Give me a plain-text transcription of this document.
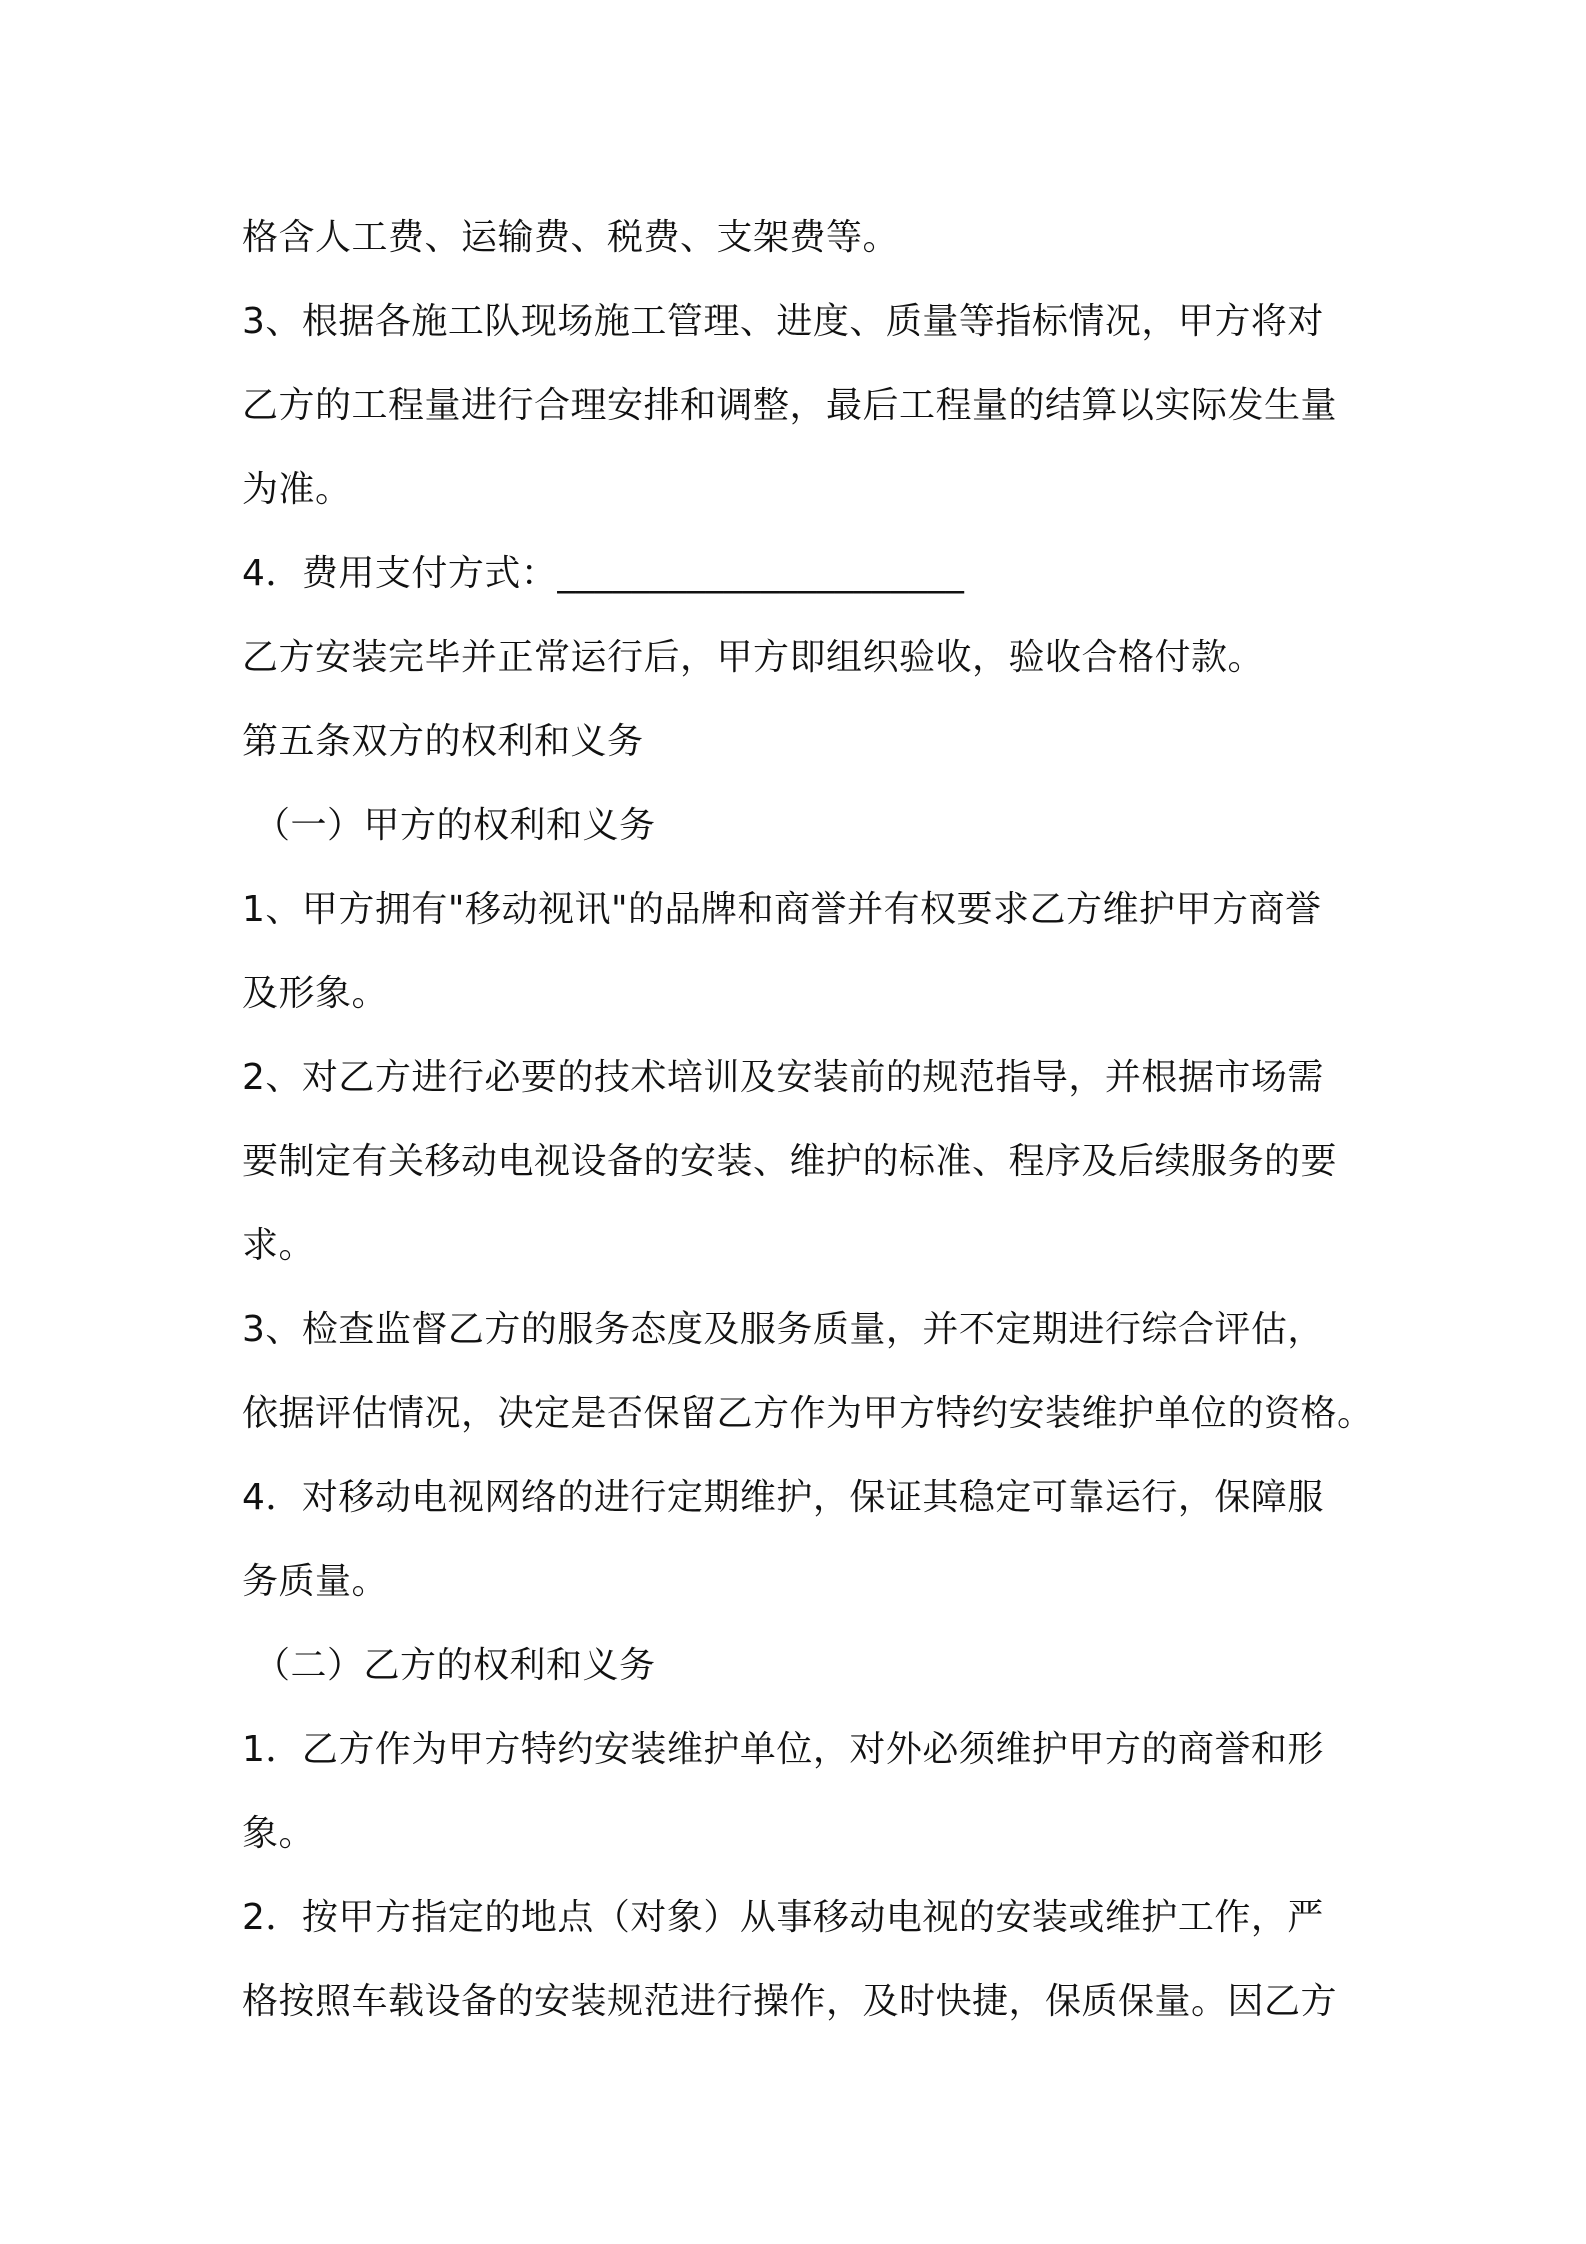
格含人工费、运输费、税费、支架费等。
3、根据各施工队现场施工管理、进度、质量等指标情况，甲方将对
乙方的工程量进行合理安排和调整，最后工程量的结算以实际发生量
为准。
4．费用支付方式：______________________
乙方安装完毕并正常运行后，甲方即组织验收，验收合格付款。
第五条双方的权利和义务
（一）甲方的权利和义务
1、甲方拥有"移动视讯"的品牌和商誉并有权要求乙方维护甲方商誉
及形象。
2、对乙方进行必要的技术培训及安装前的规范指导，并根据市场需
要制定有关移动电视设备的安装、维护的标准、程序及后续服务的要
求。
3、检查监督乙方的服务态度及服务质量，并不定期进行综合评估，
依据评估情况，决定是否保留乙方作为甲方特约安装维护单位的资格。
4．对移动电视网络的进行定期维护，保证其稳定可靠运行，保障服
务质量。
（二）乙方的权利和义务
1．乙方作为甲方特约安装维护单位，对外必须维护甲方的商誉和形
象。
2．按甲方指定的地点（对象）从事移动电视的安装或维护工作，严
格按照车载设备的安装规范进行操作，及时快捷，保质保量。因乙方
